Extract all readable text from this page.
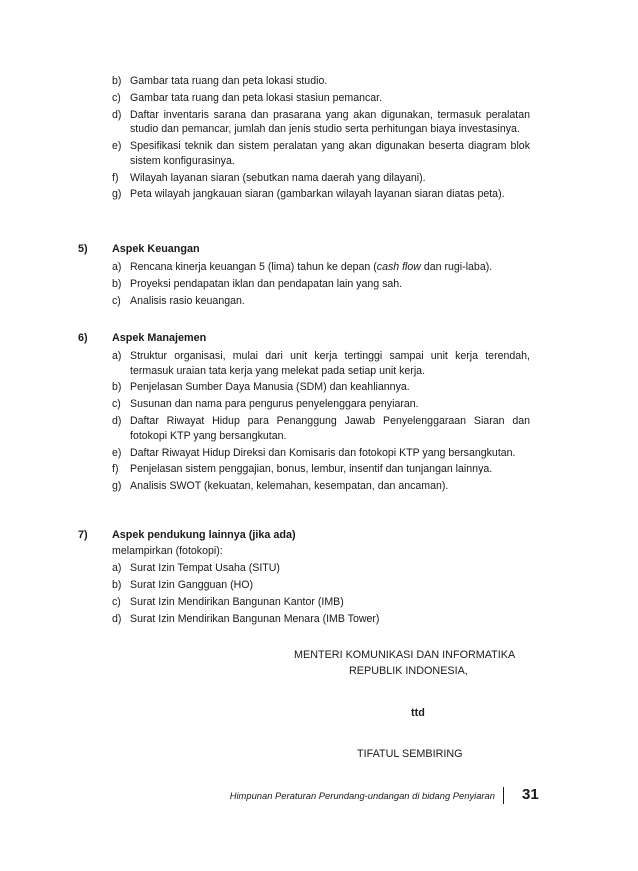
b) Gambar tata ruang dan peta lokasi studio.
c) Gambar tata ruang dan peta lokasi stasiun pemancar.
d) Daftar inventaris sarana dan prasarana yang akan digunakan, termasuk peralatan studio dan pemancar, jumlah dan jenis studio serta perhitungan biaya investasinya.
e) Spesifikasi teknik dan sistem peralatan yang akan digunakan beserta diagram blok sistem konfigurasinya.
f) Wilayah layanan siaran (sebutkan nama daerah yang dilayani).
g) Peta wilayah jangkauan siaran (gambarkan wilayah layanan siaran diatas peta).
5) Aspek Keuangan
a) Rencana kinerja keuangan 5 (lima) tahun ke depan (cash flow dan rugi-laba).
b) Proyeksi pendapatan iklan dan pendapatan lain yang sah.
c) Analisis rasio keuangan.
6) Aspek Manajemen
a) Struktur organisasi, mulai dari unit kerja tertinggi sampai unit kerja terendah, termasuk uraian tata kerja yang melekat pada setiap unit kerja.
b) Penjelasan Sumber Daya Manusia (SDM) dan keahliannya.
c) Susunan dan nama para pengurus penyelenggara penyiaran.
d) Daftar Riwayat Hidup para Penanggung Jawab Penyelenggaraan Siaran dan fotokopi KTP yang bersangkutan.
e) Daftar Riwayat Hidup Direksi dan Komisaris dan fotokopi KTP yang bersangkutan.
f) Penjelasan sistem penggajian, bonus, lembur, insentif dan tunjangan lainnya.
g) Analisis SWOT (kekuatan, kelemahan, kesempatan, dan ancaman).
7) Aspek pendukung lainnya (jika ada)
melampirkan (fotokopi):
a) Surat Izin Tempat Usaha (SITU)
b) Surat Izin Gangguan (HO)
c) Surat Izin Mendirikan Bangunan Kantor (IMB)
d) Surat Izin Mendirikan Bangunan Menara (IMB Tower)
MENTERI KOMUNIKASI DAN INFORMATIKA
REPUBLIK INDONESIA,
ttd
TIFATUL SEMBIRING
Himpunan Peraturan Perundang-undangan di bidang Penyiaran 31
